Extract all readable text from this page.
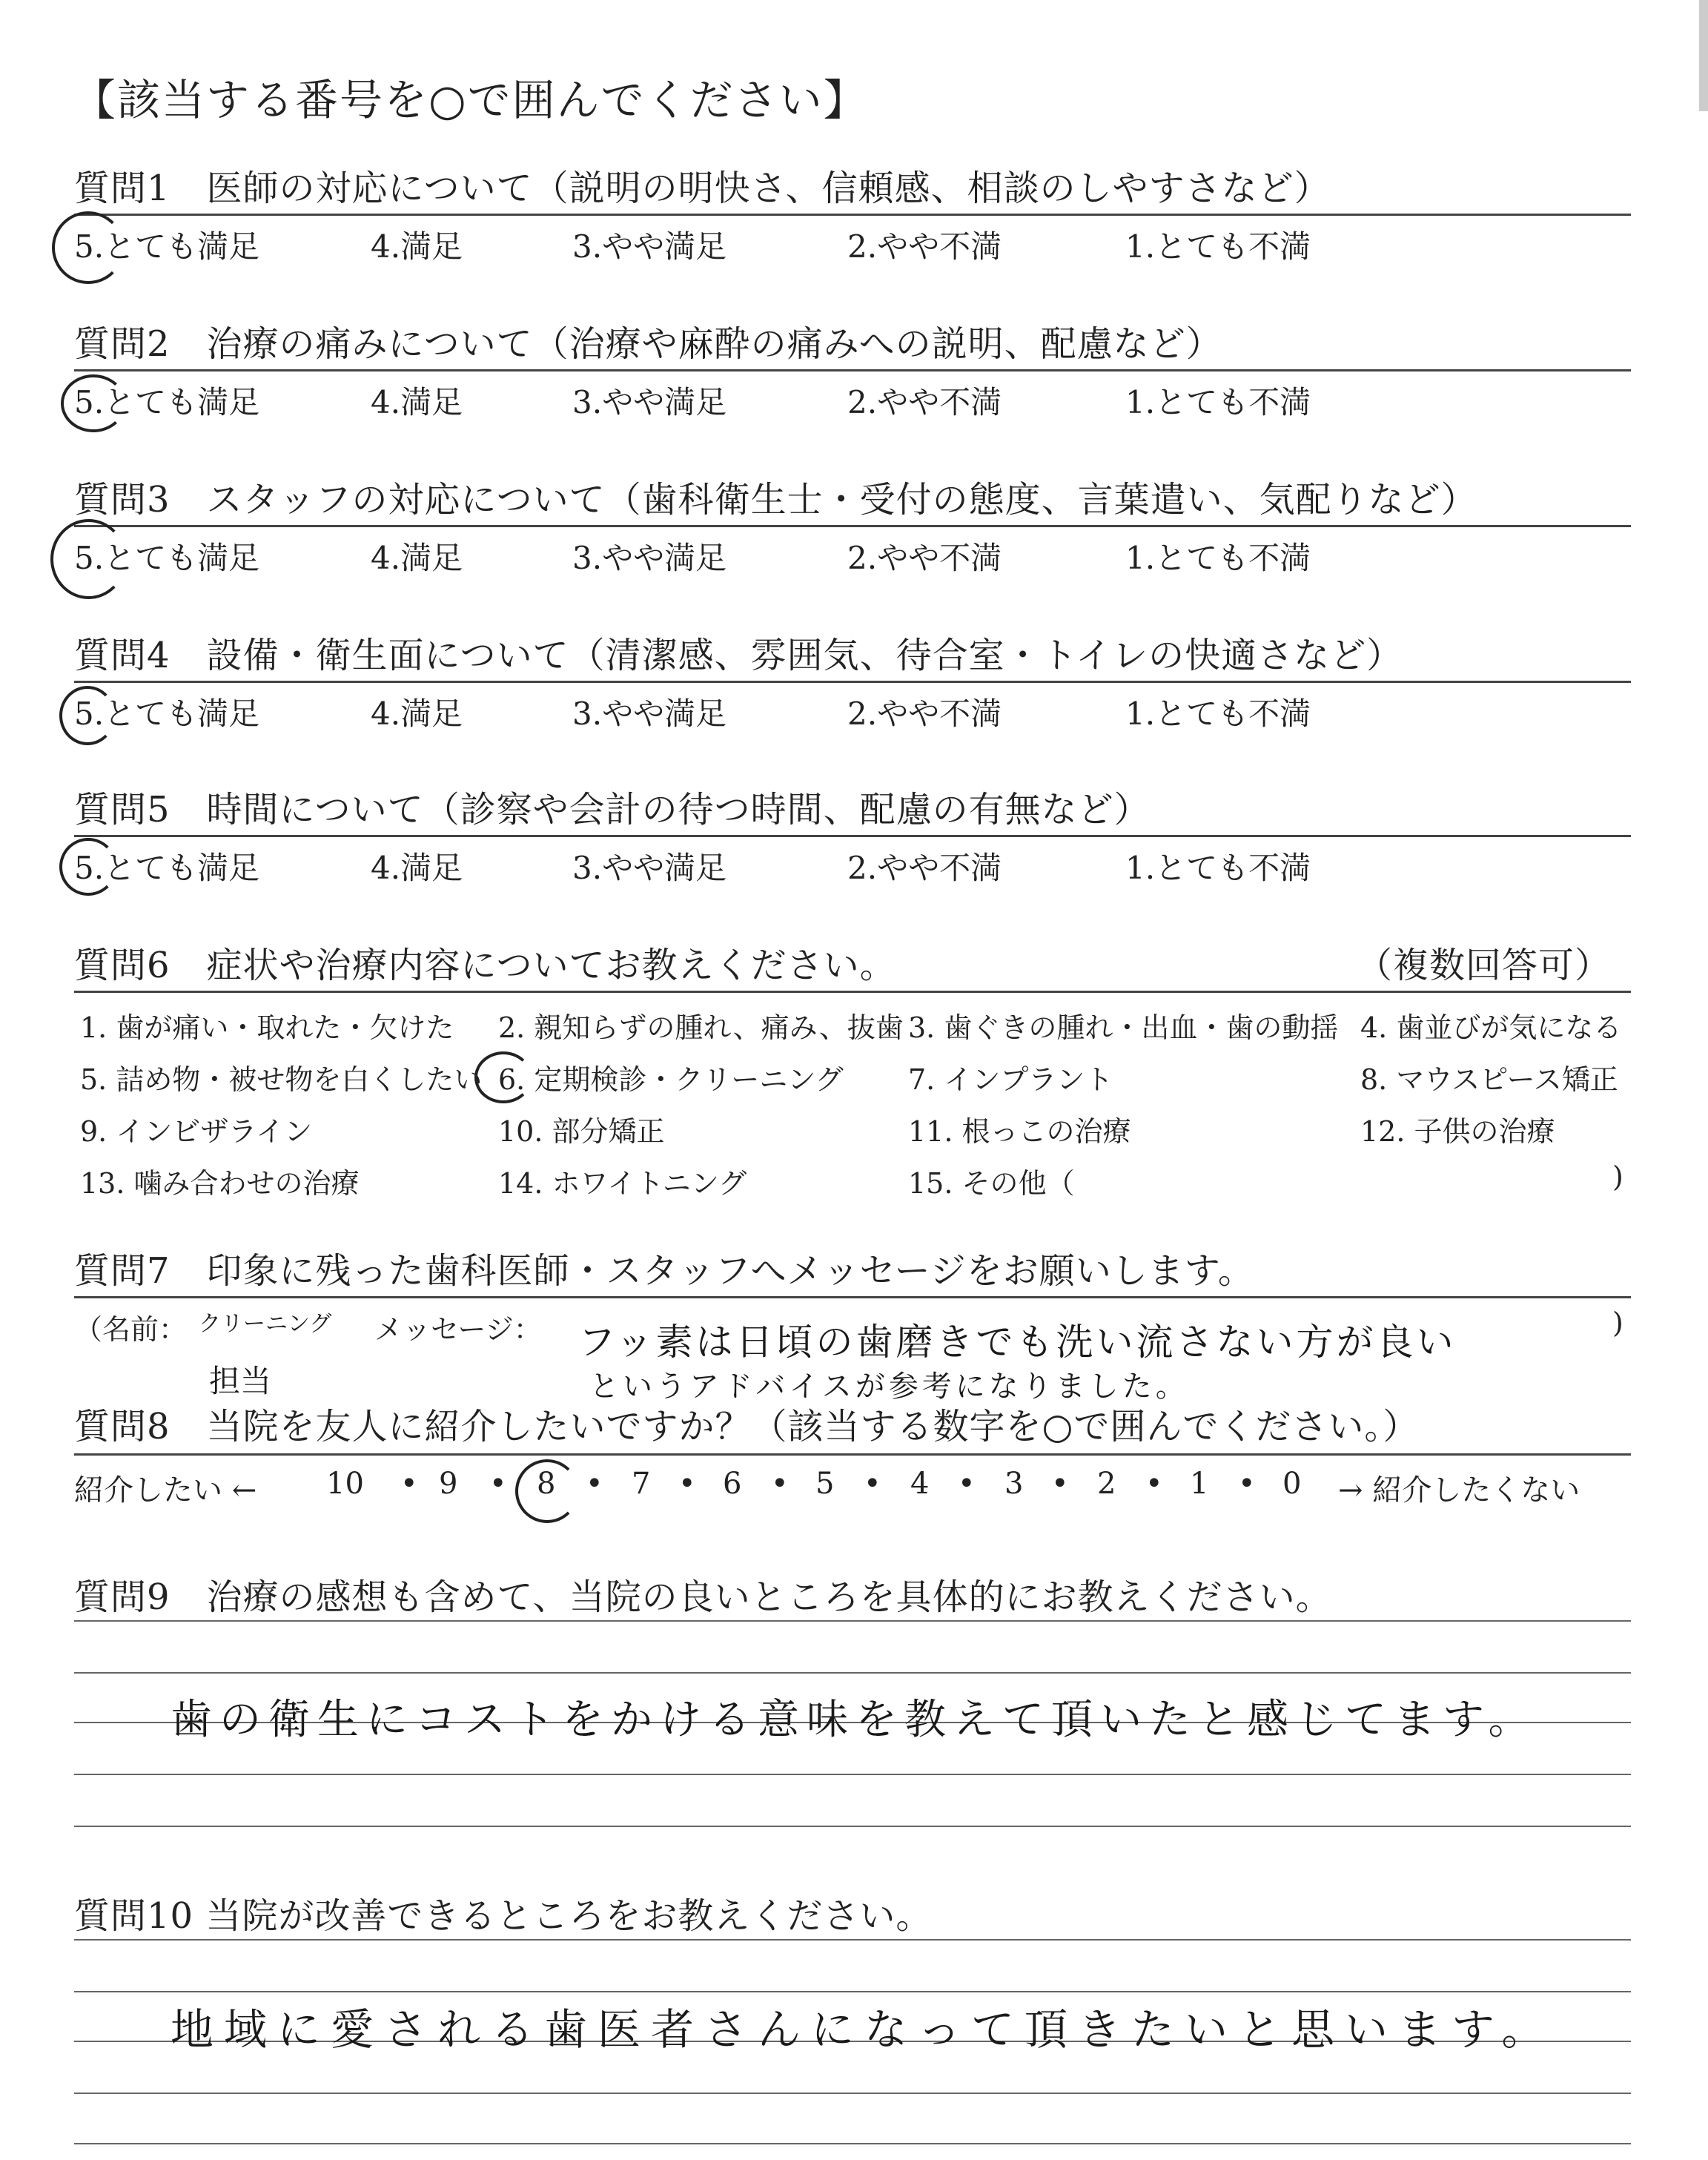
【該当する番号を○で囲んでください】
質問1　医師の対応について（説明の明快さ、信頼感、相談のしやすさなど）
5.とても満足	4.満足	3.やや満足	2.やや不満	1.とても不満
質問2　治療の痛みについて（治療や麻酔の痛みへの説明、配慮など）
5.とても満足	4.満足	3.やや満足	2.やや不満	1.とても不満
質問3　スタッフの対応について（歯科衛生士・受付の態度、言葉遣い、気配りなど）
5.とても満足	4.満足	3.やや満足	2.やや不満	1.とても不満
質問4　設備・衛生面について（清潔感、雰囲気、待合室・トイレの快適さなど）
5.とても満足	4.満足	3.やや満足	2.やや不満	1.とても不満
質問5　時間について（診察や会計の待つ時間、配慮の有無など）
5.とても満足	4.満足	3.やや満足	2.やや不満	1.とても不満
質問6　症状や治療内容についてお教えください。	（複数回答可）
1. 歯が痛い・取れた・欠けた 2. 親知らずの腫れ、痛み、抜歯 3. 歯ぐきの腫れ・出血・歯の動揺 4. 歯並びが気になる
5. 詰め物・被せ物を白くしたい 6. 定期検診・クリーニング 7. インプラント	8. マウスピース矯正
9. インビザライン	10. 部分矯正	11. 根っこの治療	12. 子供の治療
13. 噛み合わせの治療	14. ホワイトニング	15. その他（	)
質問7　印象に残った歯科医師・スタッフへメッセージをお願いします。
（名前： クリーニング
担当
メッセージ： フッ素は日頃の歯磨きでも洗い流さない方が良い
というアドバイスが参考になりました。
)
質問8　当院を友人に紹介したいですか？（該当する数字を○で囲んでください。）
紹介したい ← 10 • 9 • 8 • 7 • 6 • 5 • 4 • 3 • 2 • 1 • 0 → 紹介したくない
質問9　治療の感想も含めて、当院の良いところを具体的にお教えください。
歯の衛生にコストをかける意味を教えて頂いたと感じてます。
質問10 当院が改善できるところをお教えください。
地域に愛される歯医者さんになって頂きたいと思います。
